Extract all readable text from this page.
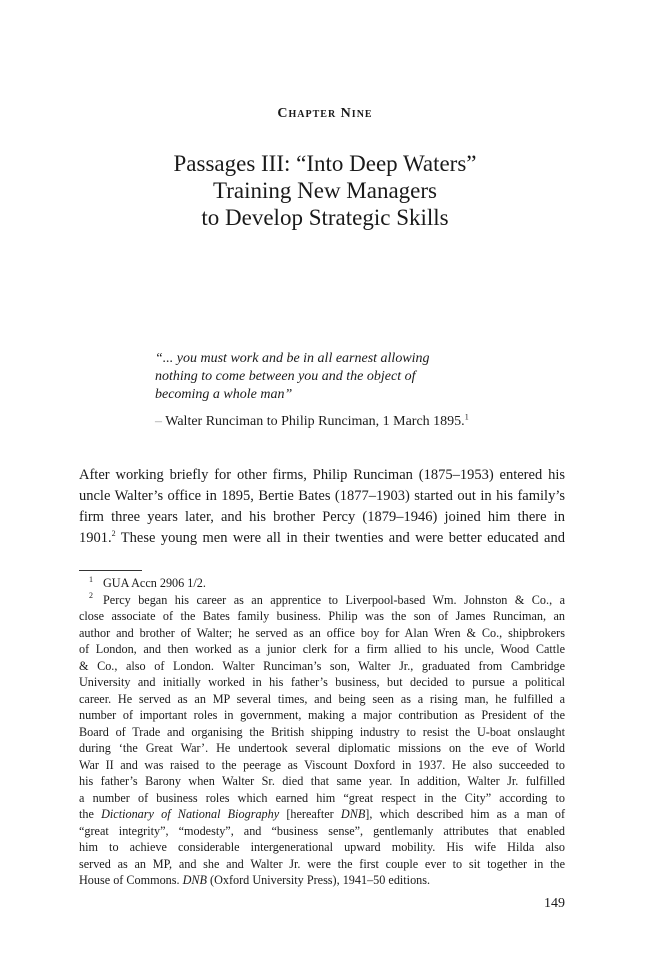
Chapter Nine
Passages III: “Into Deep Waters”
Training New Managers
to Develop Strategic Skills
“... you must work and be in all earnest allowing
nothing to come between you and the object of
becoming a whole man”
– Walter Runciman to Philip Runciman, 1 March 1895.$^1$
After working briefly for other firms, Philip Runciman (1875–1953) entered his
uncle Walter’s office in 1895, Bertie Bates (1877–1903) started out in his family’s
firm three years later, and his brother Percy (1879–1946) joined him there in
1901.$^2$ These young men were all in their twenties and were better educated and
1 GUA Accn 2906 1/2.
2 Percy began his career as an apprentice to Liverpool-based Wm. Johnston & Co., a
close associate of the Bates family business. Philip was the son of James Runciman, an
author and brother of Walter; he served as an office boy for Alan Wren & Co., shipbrokers
of London, and then worked as a junior clerk for a firm allied to his uncle, Wood Cattle
& Co., also of London. Walter Runciman’s son, Walter Jr., graduated from Cambridge
University and initially worked in his father’s business, but decided to pursue a political
career. He served as an MP several times, and being seen as a rising man, he fulfilled a
number of important roles in government, making a major contribution as President of the
Board of Trade and organising the British shipping industry to resist the U-boat onslaught
during ‘the Great War’. He undertook several diplomatic missions on the eve of World
War II and was raised to the peerage as Viscount Doxford in 1937. He also succeeded to
his father’s Barony when Walter Sr. died that same year. In addition, Walter Jr. fulfilled
a number of business roles which earned him “great respect in the City” according to
the Dictionary of National Biography [hereafter DNB], which described him as a man of
“great integrity”, “modesty”, and “business sense”, gentlemanly attributes that enabled
him to achieve considerable intergenerational upward mobility. His wife Hilda also
served as an MP, and she and Walter Jr. were the first couple ever to sit together in the
House of Commons. DNB (Oxford University Press), 1941–50 editions.
149
